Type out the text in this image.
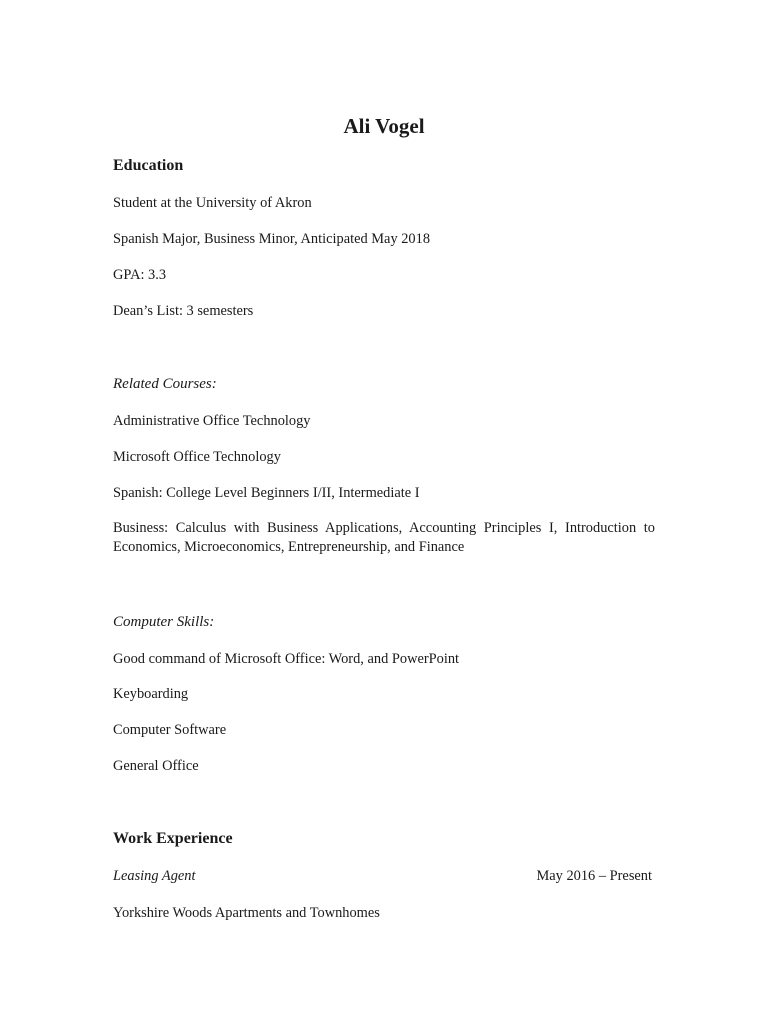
Ali Vogel
Education
Student at the University of Akron
Spanish Major, Business Minor, Anticipated May 2018
GPA: 3.3
Dean’s List: 3 semesters
Related Courses:
Administrative Office Technology
Microsoft Office Technology
Spanish: College Level Beginners I/II, Intermediate I
Business: Calculus with Business Applications, Accounting Principles I, Introduction to Economics, Microeconomics, Entrepreneurship, and Finance
Computer Skills:
Good command of Microsoft Office: Word, and PowerPoint
Keyboarding
Computer Software
General Office
Work Experience
Leasing Agent	May 2016 – Present
Yorkshire Woods Apartments and Townhomes
